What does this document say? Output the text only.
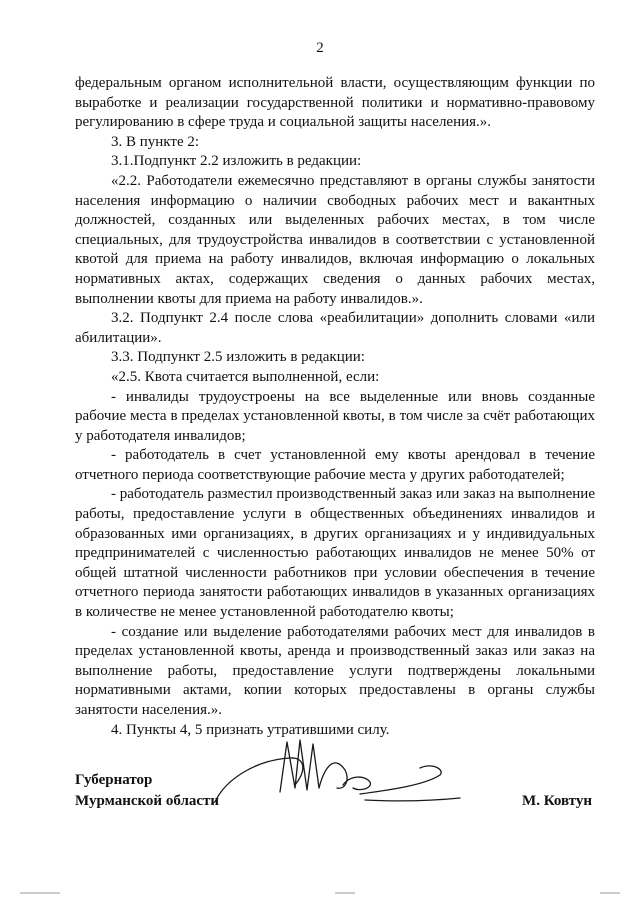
2

федеральным органом исполнительной власти, осуществляющим функции по выработке и реализации государственной политики и нормативно-правовому регулированию в сфере труда и социальной защиты населения.».

3. В пункте 2:

3.1.Подпункт 2.2 изложить в редакции:

«2.2. Работодатели ежемесячно представляют в органы службы занятости населения информацию о наличии свободных рабочих мест и вакантных должностей, созданных или выделенных рабочих местах, в том числе специальных, для трудоустройства инвалидов в соответствии с установленной квотой для приема на работу инвалидов, включая информацию о локальных нормативных актах, содержащих сведения о данных рабочих местах, выполнении квоты для приема на работу инвалидов.».

3.2. Подпункт 2.4 после слова «реабилитации» дополнить словами «или абилитации».

3.3. Подпункт 2.5 изложить в редакции:

«2.5. Квота считается выполненной, если:

- инвалиды трудоустроены на все выделенные или вновь созданные рабочие места в пределах установленной квоты, в том числе за счёт работающих у работодателя инвалидов;

- работодатель в счет установленной ему квоты арендовал в течение отчетного периода соответствующие рабочие места у других работодателей;

- работодатель разместил производственный заказ или заказ на выполнение работы, предоставление услуги в общественных объединениях инвалидов и образованных ими организациях, в других организациях и у индивидуальных предпринимателей с численностью работающих инвалидов не менее 50% от общей штатной численности работников при условии обеспечения в течение отчетного периода занятости работающих инвалидов в указанных организациях в количестве не менее установленной работодателю квоты;

- создание или выделение работодателями рабочих мест для инвалидов в пределах установленной квоты, аренда и производственный заказ или заказ на выполнение работы, предоставление услуги подтверждены локальными нормативными актами, копии которых предоставлены в органы службы занятости населения.».

4. Пункты 4, 5 признать утратившими силу.

Губернатор
Мурманской области	М. Ковтун
